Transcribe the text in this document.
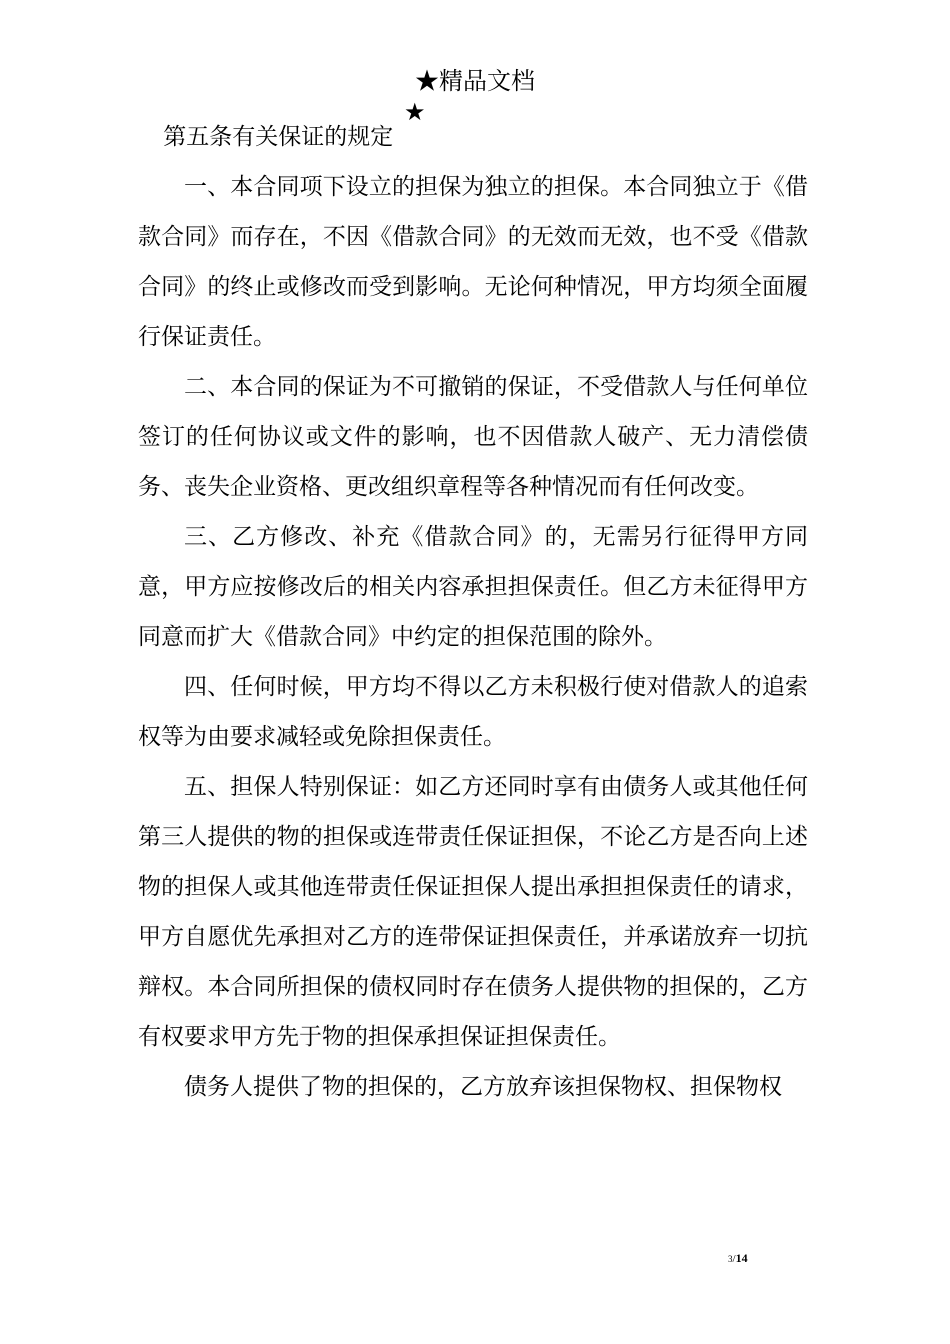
★精品文档
★

第五条有关保证的规定

一、本合同项下设立的担保为独立的担保。本合同独立于《借款合同》而存在，不因《借款合同》的无效而无效，也不受《借款合同》的终止或修改而受到影响。无论何种情况，甲方均须全面履行保证责任。

二、本合同的保证为不可撤销的保证，不受借款人与任何单位签订的任何协议或文件的影响，也不因借款人破产、无力清偿债务、丧失企业资格、更改组织章程等各种情况而有任何改变。

三、乙方修改、补充《借款合同》的，无需另行征得甲方同意，甲方应按修改后的相关内容承担担保责任。但乙方未征得甲方同意而扩大《借款合同》中约定的担保范围的除外。

四、任何时候，甲方均不得以乙方未积极行使对借款人的追索权等为由要求减轻或免除担保责任。

五、担保人特别保证：如乙方还同时享有由债务人或其他任何第三人提供的物的担保或连带责任保证担保，不论乙方是否向上述物的担保人或其他连带责任保证担保人提出承担担保责任的请求，甲方自愿优先承担对乙方的连带保证担保责任，并承诺放弃一切抗辩权。本合同所担保的债权同时存在债务人提供物的担保的，乙方有权要求甲方先于物的担保承担保证担保责任。

债务人提供了物的担保的，乙方放弃该担保物权、担保物权

3/14
